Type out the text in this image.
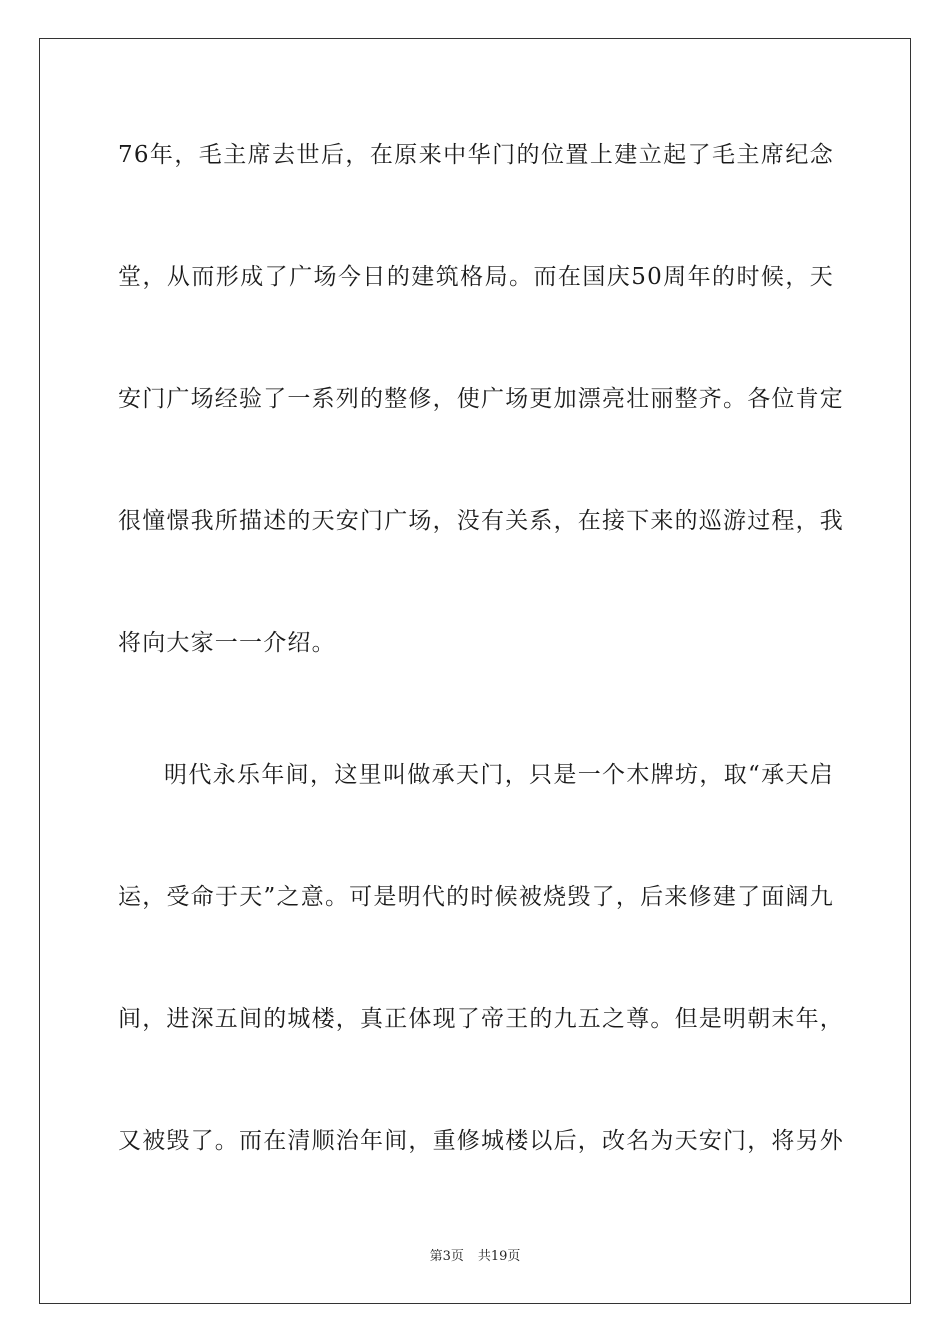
76年，毛主席去世后，在原来中华门的位置上建立起了毛主席纪念
堂，从而形成了广场今日的建筑格局。而在国庆50周年的时候，天
安门广场经验了一系列的整修，使广场更加漂亮壮丽整齐。各位肯定
很憧憬我所描述的天安门广场，没有关系，在接下来的巡游过程，我
将向大家一一介绍。
明代永乐年间，这里叫做承天门，只是一个木牌坊，取“承天启
运，受命于天”之意。可是明代的时候被烧毁了，后来修建了面阔九
间，进深五间的城楼，真正体现了帝王的九五之尊。但是明朝末年，
又被毁了。而在清顺治年间，重修城楼以后，改名为天安门，将另外
第3页 共19页
